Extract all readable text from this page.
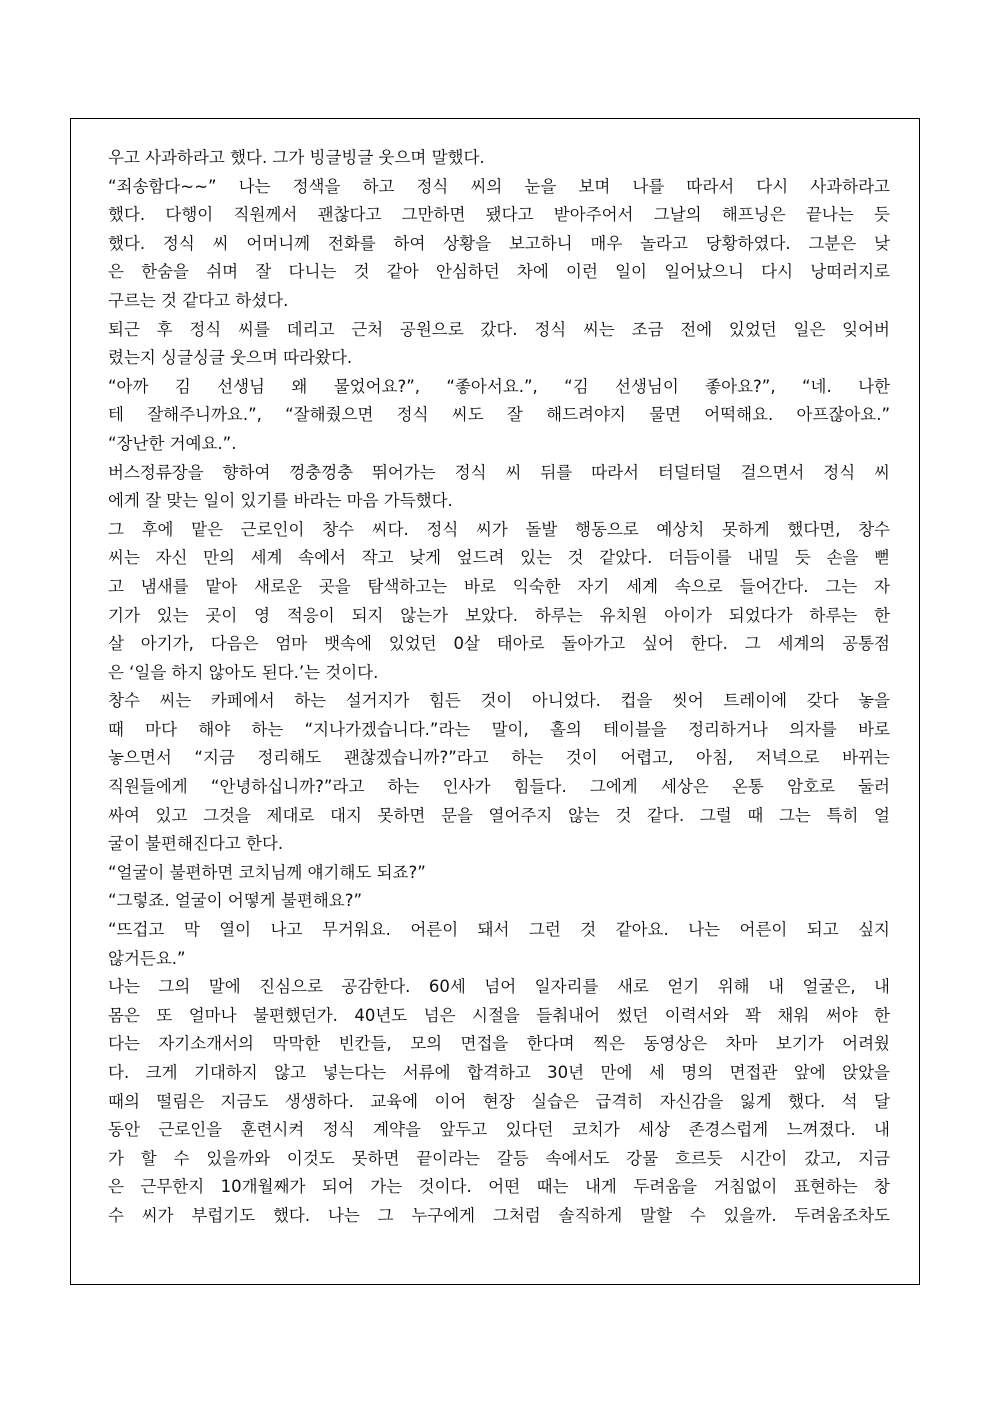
우고 사과하라고 했다. 그가 빙글빙글 웃으며 말했다.
“죄송함다~~” 나는 정색을 하고 정식 씨의 눈을 보며 나를 따라서 다시 사과하라고
했다. 다행이 직원께서 괜찮다고 그만하면 됐다고 받아주어서 그날의 해프닝은 끝나는 듯
했다. 정식 씨 어머니께 전화를 하여 상황을 보고하니 매우 놀라고 당황하였다. 그분은 낮
은 한숨을 쉬며 잘 다니는 것 같아 안심하던 차에 이런 일이 일어났으니 다시 낭떠러지로
구르는 것 같다고 하셨다.
퇴근 후 정식 씨를 데리고 근처 공원으로 갔다. 정식 씨는 조금 전에 있었던 일은 잊어버
렸는지 싱글싱글 웃으며 따라왔다.
“아까 김 선생님 왜 물었어요?”, “좋아서요.”, “김 선생님이 좋아요?”, “네. 나한
테 잘해주니까요.”, “잘해줬으면 정식 씨도 잘 해드려야지 물면 어떡해요. 아프잖아요.”
“장난한 거예요.”.
버스정류장을 향하여 껑충껑충 뛰어가는 정식 씨 뒤를 따라서 터덜터덜 걸으면서 정식 씨
에게 잘 맞는 일이 있기를 바라는 마음 가득했다.
그 후에 맡은 근로인이 창수 씨다. 정식 씨가 돌발 행동으로 예상치 못하게 했다면, 창수
씨는 자신 만의 세계 속에서 작고 낮게 엎드려 있는 것 같았다. 더듬이를 내밀 듯 손을 뻗
고 냄새를 맡아 새로운 곳을 탐색하고는 바로 익숙한 자기 세계 속으로 들어간다. 그는 자
기가 있는 곳이 영 적응이 되지 않는가 보았다. 하루는 유치원 아이가 되었다가 하루는 한
살 아기가, 다음은 엄마 뱃속에 있었던 0살 태아로 돌아가고 싶어 한다. 그 세계의 공통점
은 ‘일을 하지 않아도 된다.’는 것이다.
창수 씨는 카페에서 하는 설거지가 힘든 것이 아니었다. 컵을 씻어 트레이에 갖다 놓을
때 마다 해야 하는 “지나가겠습니다.”라는 말이, 홀의 테이블을 정리하거나 의자를 바로
놓으면서 “지금 정리해도 괜찮겠습니까?”라고 하는 것이 어렵고, 아침, 저녁으로 바뀌는
직원들에게 “안녕하십니까?”라고 하는 인사가 힘들다. 그에게 세상은 온통 암호로 둘러
싸여 있고 그것을 제대로 대지 못하면 문을 열어주지 않는 것 같다. 그럴 때 그는 특히 얼
굴이 불편해진다고 한다.
“얼굴이 불편하면 코치님께 얘기해도 되죠?”
“그렇죠. 얼굴이 어떻게 불편해요?”
“뜨겁고 막 열이 나고 무거워요. 어른이 돼서 그런 것 같아요. 나는 어른이 되고 싶지
않거든요.”
나는 그의 말에 진심으로 공감한다. 60세 넘어 일자리를 새로 얻기 위해 내 얼굴은, 내
몸은 또 얼마나 불편했던가. 40년도 넘은 시절을 들춰내어 썼던 이력서와 꽉 채워 써야 한
다는 자기소개서의 막막한 빈칸들, 모의 면접을 한다며 찍은 동영상은 차마 보기가 어려웠
다. 크게 기대하지 않고 넣는다는 서류에 합격하고 30년 만에 세 명의 면접관 앞에 앉았을
때의 떨림은 지금도 생생하다. 교육에 이어 현장 실습은 급격히 자신감을 잃게 했다. 석 달
동안 근로인을 훈련시켜 정식 계약을 앞두고 있다던 코치가 세상 존경스럽게 느껴졌다. 내
가 할 수 있을까와 이것도 못하면 끝이라는 갈등 속에서도 강물 흐르듯 시간이 갔고, 지금
은 근무한지 10개월째가 되어 가는 것이다. 어떤 때는 내게 두려움을 거침없이 표현하는 창
수 씨가 부럽기도 했다. 나는 그 누구에게 그처럼 솔직하게 말할 수 있을까. 두려움조차도
